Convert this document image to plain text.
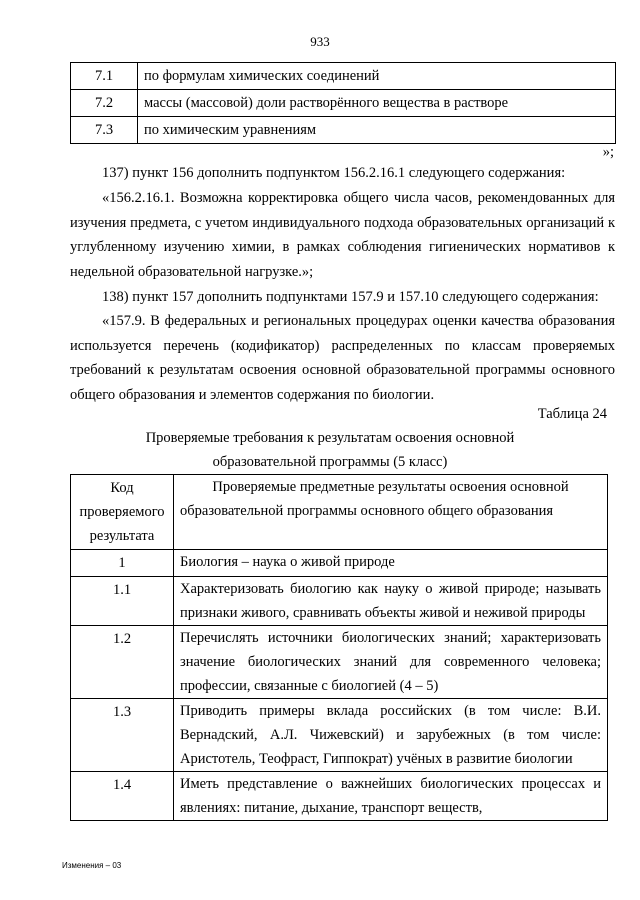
933
7.1	по формулам химических соединений
7.2	массы (массовой) доли растворённого вещества в растворе
7.3	по химическим уравнениям
»;

137) пункт 156 дополнить подпунктом 156.2.16.1 следующего содержания:

«156.2.16.1. Возможна корректировка общего числа часов, рекомендованных для изучения предмета, с учетом индивидуального подхода образовательных организаций к углубленному изучению химии, в рамках соблюдения гигиенических нормативов к недельной образовательной нагрузке.»;

138) пункт 157 дополнить подпунктами 157.9 и 157.10 следующего содержания:

«157.9. В федеральных и региональных процедурах оценки качества образования используется перечень (кодификатор) распределенных по классам проверяемых требований к результатам освоения основной образовательной программы основного общего образования и элементов содержания по биологии.

Таблица 24
Проверяемые требования к результатам освоения основной образовательной программы (5 класс)
Код проверяемого результата	Проверяемые предметные результаты освоения основной образовательной программы основного общего образования
1	Биология – наука о живой природе
1.1	Характеризовать биологию как науку о живой природе; называть признаки живого, сравнивать объекты живой и неживой природы
1.2	Перечислять источники биологических знаний; характеризовать значение биологических знаний для современного человека; профессии, связанные с биологией (4 – 5)
1.3	Приводить примеры вклада российских (в том числе: В.И. Вернадский, А.Л. Чижевский) и зарубежных (в том числе: Аристотель, Теофраст, Гиппократ) учёных в развитие биологии
1.4	Иметь представление о важнейших биологических процессах и явлениях: питание, дыхание, транспорт веществ,
Изменения – 03
